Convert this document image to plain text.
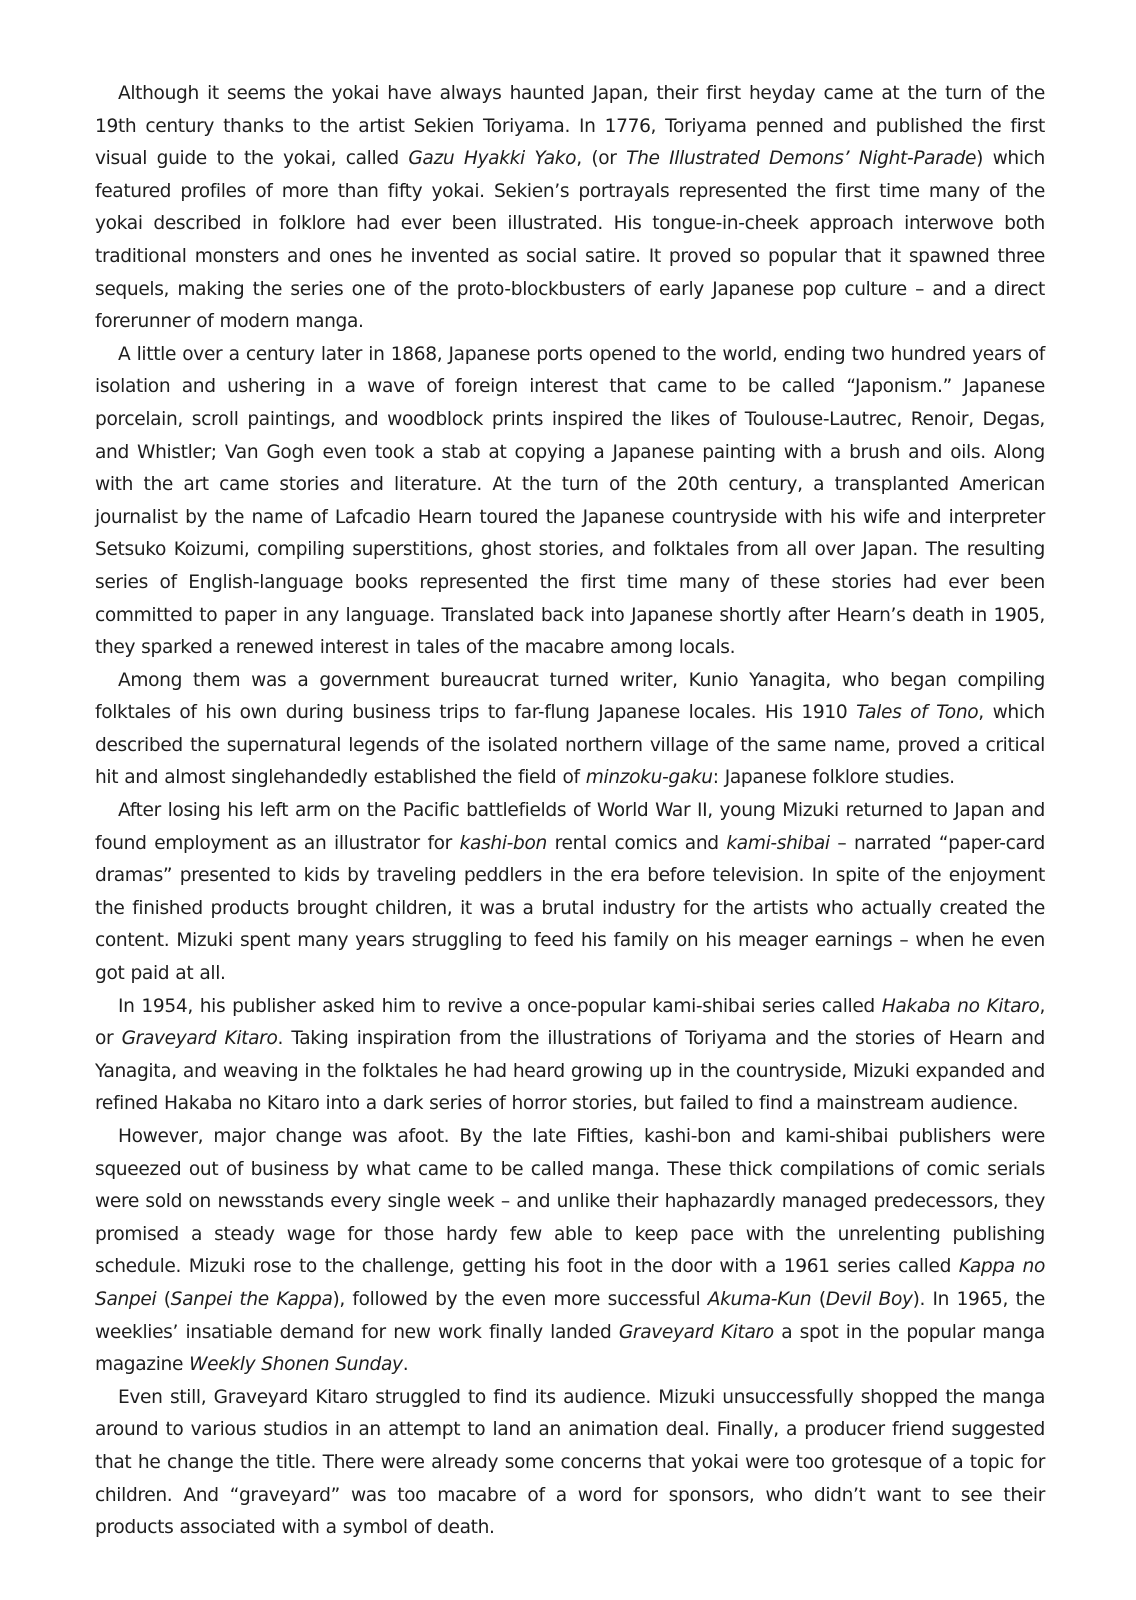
Although it seems the yokai have always haunted Japan, their first heyday came at the turn of the 19th century thanks to the artist Sekien Toriyama. In 1776, Toriyama penned and published the first visual guide to the yokai, called Gazu Hyakki Yako, (or The Illustrated Demons’ Night-Parade) which featured profiles of more than fifty yokai. Sekien’s portrayals represented the first time many of the yokai described in folklore had ever been illustrated. His tongue-in-cheek approach interwove both traditional monsters and ones he invented as social satire. It proved so popular that it spawned three sequels, making the series one of the proto-blockbusters of early Japanese pop culture – and a direct forerunner of modern manga.

A little over a century later in 1868, Japanese ports opened to the world, ending two hundred years of isolation and ushering in a wave of foreign interest that came to be called “Japonism.” Japanese porcelain, scroll paintings, and woodblock prints inspired the likes of Toulouse-Lautrec, Renoir, Degas, and Whistler; Van Gogh even took a stab at copying a Japanese painting with a brush and oils. Along with the art came stories and literature. At the turn of the 20th century, a transplanted American journalist by the name of Lafcadio Hearn toured the Japanese countryside with his wife and interpreter Setsuko Koizumi, compiling superstitions, ghost stories, and folktales from all over Japan. The resulting series of English-language books represented the first time many of these stories had ever been committed to paper in any language. Translated back into Japanese shortly after Hearn’s death in 1905, they sparked a renewed interest in tales of the macabre among locals.

Among them was a government bureaucrat turned writer, Kunio Yanagita, who began compiling folktales of his own during business trips to far-flung Japanese locales. His 1910 Tales of Tono, which described the supernatural legends of the isolated northern village of the same name, proved a critical hit and almost singlehandedly established the field of minzoku-gaku: Japanese folklore studies.

After losing his left arm on the Pacific battlefields of World War II, young Mizuki returned to Japan and found employment as an illustrator for kashi-bon rental comics and kami-shibai – narrated “paper-card dramas” presented to kids by traveling peddlers in the era before television. In spite of the enjoyment the finished products brought children, it was a brutal industry for the artists who actually created the content. Mizuki spent many years struggling to feed his family on his meager earnings – when he even got paid at all.

In 1954, his publisher asked him to revive a once-popular kami-shibai series called Hakaba no Kitaro, or Graveyard Kitaro. Taking inspiration from the illustrations of Toriyama and the stories of Hearn and Yanagita, and weaving in the folktales he had heard growing up in the countryside, Mizuki expanded and refined Hakaba no Kitaro into a dark series of horror stories, but failed to find a mainstream audience.

However, major change was afoot. By the late Fifties, kashi-bon and kami-shibai publishers were squeezed out of business by what came to be called manga. These thick compilations of comic serials were sold on newsstands every single week – and unlike their haphazardly managed predecessors, they promised a steady wage for those hardy few able to keep pace with the unrelenting publishing schedule. Mizuki rose to the challenge, getting his foot in the door with a 1961 series called Kappa no Sanpei (Sanpei the Kappa), followed by the even more successful Akuma-Kun (Devil Boy). In 1965, the weeklies’ insatiable demand for new work finally landed Graveyard Kitaro a spot in the popular manga magazine Weekly Shonen Sunday.

Even still, Graveyard Kitaro struggled to find its audience. Mizuki unsuccessfully shopped the manga around to various studios in an attempt to land an animation deal. Finally, a producer friend suggested that he change the title. There were already some concerns that yokai were too grotesque of a topic for children. And “graveyard” was too macabre of a word for sponsors, who didn’t want to see their products associated with a symbol of death.
